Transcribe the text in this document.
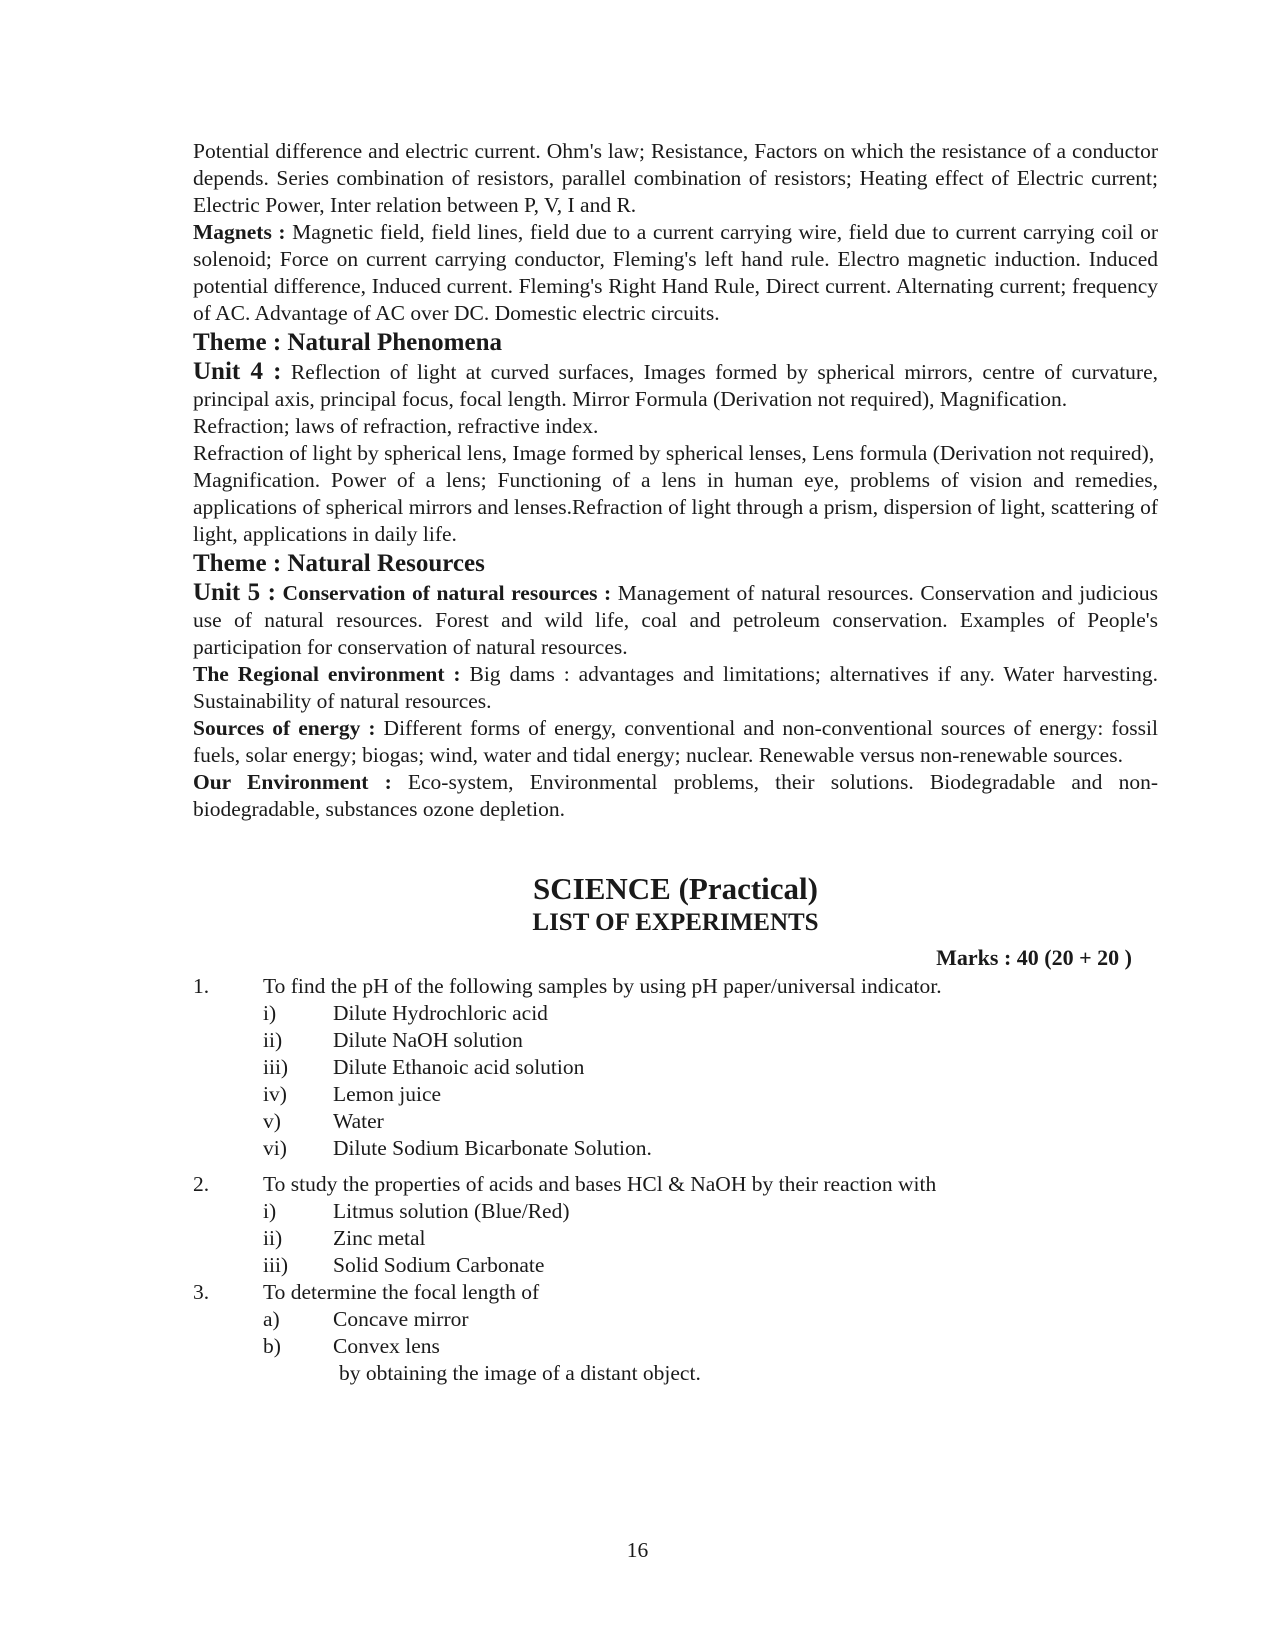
Potential difference and electric current. Ohm's law; Resistance, Factors on which the resistance of a conductor depends. Series combination of resistors, parallel combination of resistors; Heating effect of Electric current; Electric Power, Inter relation between P, V, I and R.

Magnets : Magnetic field, field lines, field due to a current carrying wire, field due to current carrying coil or solenoid; Force on current carrying conductor, Fleming's left hand rule. Electro magnetic induction. Induced potential difference, Induced current. Fleming's Right Hand Rule, Direct current. Alternating current; frequency of AC. Advantage of AC over DC. Domestic electric circuits.

Theme : Natural Phenomena

Unit 4 : Reflection of light at curved surfaces, Images formed by spherical mirrors, centre of curvature, principal axis, principal focus, focal length. Mirror Formula (Derivation not required), Magnification.

Refraction; laws of refraction, refractive index.

Refraction of light by spherical lens, Image formed by spherical lenses, Lens formula (Derivation not required),

Magnification. Power of a lens; Functioning of a lens in human eye, problems of vision and remedies, applications of spherical mirrors and lenses.Refraction of light through a prism, dispersion of light, scattering of light, applications in daily life.

Theme : Natural Resources

Unit 5 : Conservation of natural resources : Management of natural resources. Conservation and judicious use of natural resources. Forest and wild life, coal and petroleum conservation. Examples of People's participation for conservation of natural resources.

The Regional environment : Big dams : advantages and limitations; alternatives if any. Water harvesting. Sustainability of natural resources.

Sources of energy : Different forms of energy, conventional and non-conventional sources of energy: fossil fuels, solar energy; biogas; wind, water and tidal energy; nuclear. Renewable versus non-renewable sources.

Our Environment : Eco-system, Environmental problems, their solutions. Biodegradable and non-biodegradable, substances ozone depletion.

SCIENCE (Practical)
LIST OF EXPERIMENTS
Marks : 40 (20 + 20 )
1.	To find the pH of the following samples by using pH paper/universal indicator.
i)	Dilute Hydrochloric acid
ii)	Dilute NaOH solution
iii)	Dilute Ethanoic acid solution
iv)	Lemon juice
v)	Water
vi)	Dilute Sodium Bicarbonate Solution.
2.	To study the properties of acids and bases HCl & NaOH by their reaction with
i)	Litmus solution (Blue/Red)
ii)	Zinc metal
iii)	Solid Sodium Carbonate
3.	To determine the focal length of
a)	Concave mirror
b)	Convex lens
by obtaining the image of a distant object.
16
